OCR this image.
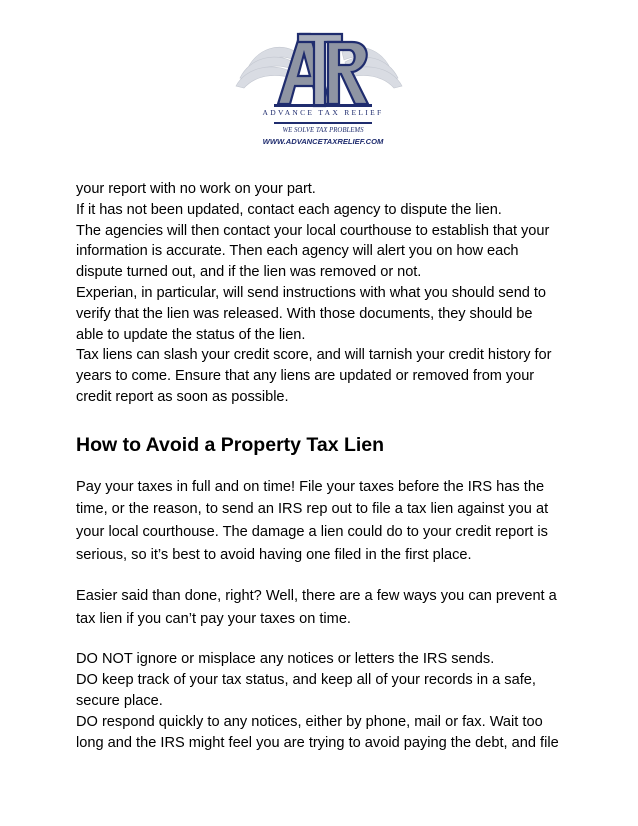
ADVANCE TAX RELIEF
WE SOLVE TAX PROBLEMS
WWW.ADVANCETAXRELIEF.COM
your report with no work on your part.
If it has not been updated, contact each agency to dispute the lien.
The agencies will then contact your local courthouse to establish that your
information is accurate. Then each agency will alert you on how each
dispute turned out, and if the lien was removed or not.
Experian, in particular, will send instructions with what you should send to
verify that the lien was released. With those documents, they should be
able to update the status of the lien.
Tax liens can slash your credit score, and will tarnish your credit history for
years to come. Ensure that any liens are updated or removed from your
credit report as soon as possible.
How to Avoid a Property Tax Lien
Pay your taxes in full and on time! File your taxes before the IRS has the
time, or the reason, to send an IRS rep out to file a tax lien against you at
your local courthouse. The damage a lien could do to your credit report is
serious, so it’s best to avoid having one filed in the first place.
Easier said than done, right? Well, there are a few ways you can prevent a
tax lien if you can’t pay your taxes on time.
DO NOT ignore or misplace any notices or letters the IRS sends.
DO keep track of your tax status, and keep all of your records in a safe,
secure place.
DO respond quickly to any notices, either by phone, mail or fax. Wait too
long and the IRS might feel you are trying to avoid paying the debt, and file
